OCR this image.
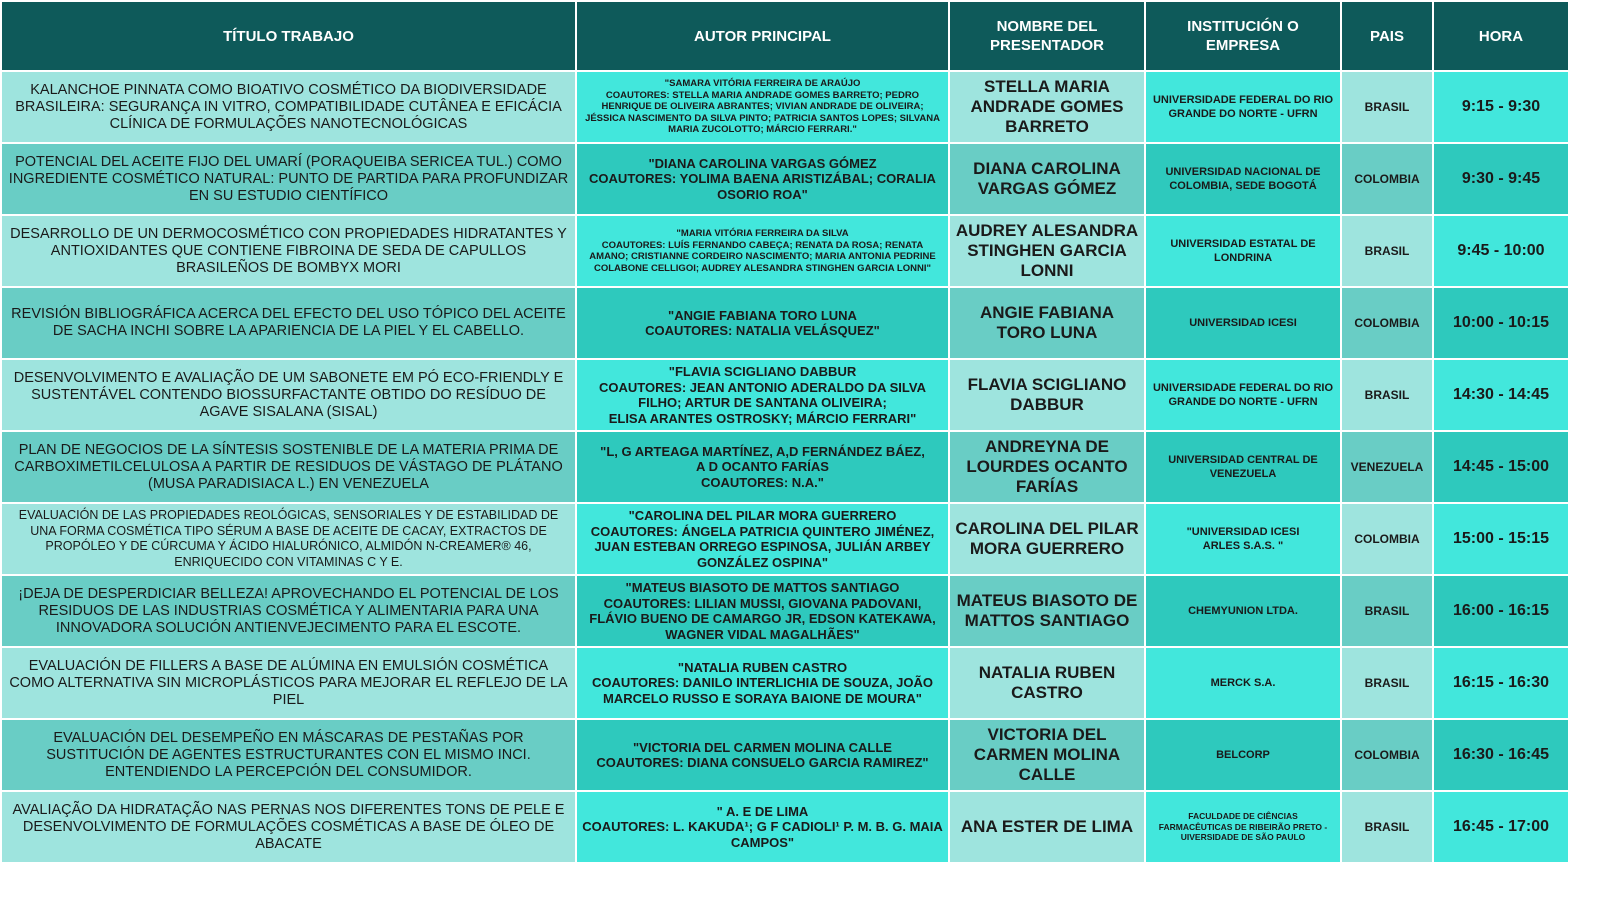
TÍTULO TRABAJO	AUTOR PRINCIPAL	NOMBRE DEL PRESENTADOR	INSTITUCIÓN O EMPRESA	PAIS	HORA

KALANCHOE PINNATA COMO BIOATIVO COSMÉTICO DA BIODIVERSIDADE BRASILEIRA: SEGURANÇA IN VITRO, COMPATIBILIDADE CUTÂNEA E EFICÁCIA CLÍNICA DE FORMULAÇÕES NANOTECNOLÓGICAS	"SAMARA VITÓRIA FERREIRA DE ARAÚJO
COAUTORES: STELLA MARIA ANDRADE GOMES BARRETO; PEDRO HENRIQUE DE OLIVEIRA ABRANTES; VIVIAN ANDRADE DE OLIVEIRA; JÉSSICA NASCIMENTO DA SILVA PINTO; PATRICIA SANTOS LOPES; SILVANA MARIA ZUCOLOTTO; MÁRCIO FERRARI."	STELLA MARIA ANDRADE GOMES BARRETO	UNIVERSIDADE FEDERAL DO RIO GRANDE DO NORTE - UFRN	BRASIL	9:15 - 9:30

POTENCIAL DEL ACEITE FIJO DEL UMARÍ (PORAQUEIBA SERICEA TUL.) COMO INGREDIENTE COSMÉTICO NATURAL: PUNTO DE PARTIDA PARA PROFUNDIZAR EN SU ESTUDIO CIENTÍFICO	"DIANA CAROLINA VARGAS GÓMEZ
COAUTORES: YOLIMA BAENA ARISTIZÁBAL; CORALIA OSORIO ROA"	DIANA CAROLINA VARGAS GÓMEZ	UNIVERSIDAD NACIONAL DE COLOMBIA, SEDE BOGOTÁ	COLOMBIA	9:30 - 9:45

DESARROLLO DE UN DERMOCOSMÉTICO CON PROPIEDADES HIDRATANTES Y ANTIOXIDANTES QUE CONTIENE FIBROINA DE SEDA DE CAPULLOS BRASILEÑOS DE BOMBYX MORI	"MARIA VITÓRIA FERREIRA DA SILVA
COAUTORES: LUÍS FERNANDO CABEÇA; RENATA DA ROSA; RENATA AMANO; CRISTIANNE CORDEIRO NASCIMENTO; MARIA ANTONIA PEDRINE COLABONE CELLIGOI; AUDREY ALESANDRA STINGHEN GARCIA LONNI"	AUDREY ALESANDRA STINGHEN GARCIA LONNI	UNIVERSIDAD ESTATAL DE LONDRINA	BRASIL	9:45 - 10:00

REVISIÓN BIBLIOGRÁFICA ACERCA DEL EFECTO DEL USO TÓPICO DEL ACEITE DE SACHA INCHI SOBRE LA APARIENCIA DE LA PIEL Y EL CABELLO.	"ANGIE FABIANA TORO LUNA
COAUTORES: NATALIA VELÁSQUEZ"	ANGIE FABIANA TORO LUNA	UNIVERSIDAD ICESI	COLOMBIA	10:00 - 10:15

DESENVOLVIMENTO E AVALIAÇÃO DE UM SABONETE EM PÓ ECO-FRIENDLY E SUSTENTÁVEL CONTENDO BIOSSURFACTANTE OBTIDO DO RESÍDUO DE AGAVE SISALANA (SISAL)	"FLAVIA SCIGLIANO DABBUR
COAUTORES: JEAN ANTONIO ADERALDO DA SILVA FILHO; ARTUR DE SANTANA OLIVEIRA;
ELISA ARANTES OSTROSKY; MÁRCIO FERRARI"	FLAVIA SCIGLIANO DABBUR	UNIVERSIDADE FEDERAL DO RIO GRANDE DO NORTE - UFRN	BRASIL	14:30 - 14:45

PLAN DE NEGOCIOS DE LA SÍNTESIS SOSTENIBLE DE LA MATERIA PRIMA DE CARBOXIMETILCELULOSA A PARTIR DE RESIDUOS DE VÁSTAGO DE PLÁTANO (MUSA PARADISIACA L.) EN VENEZUELA	"L, G ARTEAGA MARTÍNEZ, A,D FERNÁNDEZ BÁEZ,
A D OCANTO FARÍAS
COAUTORES: N.A."	ANDREYNA DE LOURDES OCANTO FARÍAS	UNIVERSIDAD CENTRAL DE VENEZUELA	VENEZUELA	14:45 - 15:00

EVALUACIÓN DE LAS PROPIEDADES REOLÓGICAS, SENSORIALES Y DE ESTABILIDAD DE UNA FORMA COSMÉTICA TIPO SÉRUM A BASE DE ACEITE DE CACAY, EXTRACTOS DE PROPÓLEO Y DE CÚRCUMA Y ÁCIDO HIALURÓNICO, ALMIDÓN N-CREAMER® 46, ENRIQUECIDO CON VITAMINAS C Y E.	"CAROLINA DEL PILAR MORA GUERRERO
COAUTORES: ÁNGELA PATRICIA QUINTERO JIMÉNEZ, JUAN ESTEBAN ORREGO ESPINOSA, JULIÁN ARBEY GONZÁLEZ OSPINA"	CAROLINA DEL PILAR MORA GUERRERO	"UNIVERSIDAD ICESI
ARLES S.A.S. "	COLOMBIA	15:00 - 15:15

¡DEJA DE DESPERDICIAR BELLEZA! APROVECHANDO EL POTENCIAL DE LOS RESIDUOS DE LAS INDUSTRIAS COSMÉTICA Y ALIMENTARIA PARA UNA INNOVADORA SOLUCIÓN ANTIENVEJECIMENTO PARA EL ESCOTE.	"MATEUS BIASOTO DE MATTOS SANTIAGO
COAUTORES: LILIAN MUSSI, GIOVANA PADOVANI, FLÁVIO BUENO DE CAMARGO JR, EDSON KATEKAWA, WAGNER VIDAL MAGALHÃES"	MATEUS BIASOTO DE MATTOS SANTIAGO	CHEMYUNION LTDA.	BRASIL	16:00 - 16:15

EVALUACIÓN DE FILLERS A BASE DE ALÚMINA EN EMULSIÓN COSMÉTICA COMO ALTERNATIVA SIN MICROPLÁSTICOS PARA MEJORAR EL REFLEJO DE LA PIEL	"NATALIA RUBEN CASTRO
COAUTORES: DANILO INTERLICHIA DE SOUZA, JOÃO MARCELO RUSSO E SORAYA BAIONE DE MOURA"	NATALIA RUBEN CASTRO	MERCK S.A.	BRASIL	16:15 - 16:30

EVALUACIÓN DEL DESEMPEÑO EN MÁSCARAS DE PESTAÑAS POR SUSTITUCIÓN DE AGENTES ESTRUCTURANTES CON EL MISMO INCI. ENTENDIENDO LA PERCEPCIÓN DEL CONSUMIDOR.	"VICTORIA DEL CARMEN MOLINA CALLE
COAUTORES: DIANA CONSUELO GARCIA RAMIREZ"	VICTORIA DEL CARMEN MOLINA CALLE	BELCORP	COLOMBIA	16:30 - 16:45

AVALIAÇÃO DA HIDRATAÇÃO NAS PERNAS NOS DIFERENTES TONS DE PELE E DESENVOLVIMENTO DE FORMULAÇÕES COSMÉTICAS A BASE DE ÓLEO DE ABACATE	" A. E DE LIMA
COAUTORES: L. KAKUDA¹; G F CADIOLI¹ P. M. B. G. MAIA CAMPOS"	ANA ESTER DE LIMA	FACULDADE DE CIÊNCIAS FARMACÊUTICAS DE RIBEIRÃO PRETO - UIVERSIDADE DE SÃO PAULO	BRASIL	16:45 - 17:00
